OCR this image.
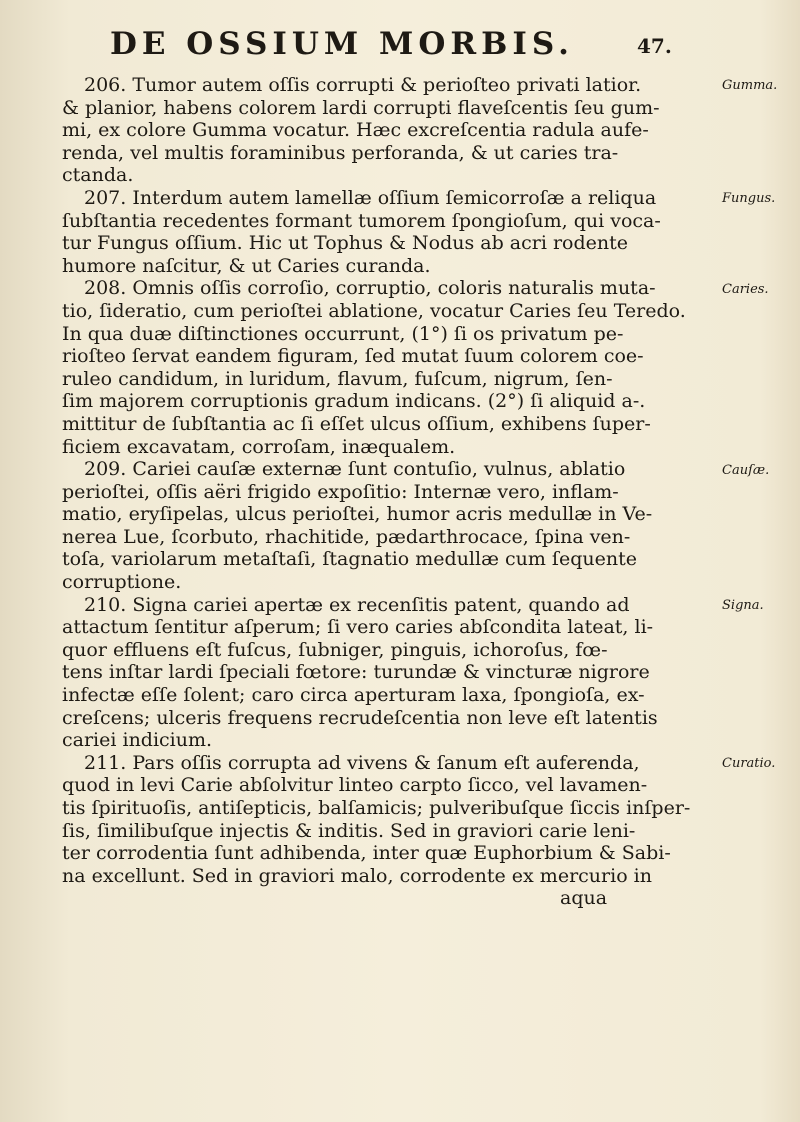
DE OSSIUM MORBIS.	47.
206. Tumor autem oſſis corrupti & perioſteo privati latior.
& planior, habens colorem lardi corrupti flaveſcentis ſeu gum-
mi, ex colore Gumma vocatur. Hæc excreſcentia radula aufe-
renda, vel multis foraminibus perforanda, & ut caries tra-
ctanda.
207. Interdum autem lamellæ oſſium ſemicorroſæ a reliqua
ſubſtantia recedentes formant tumorem ſpongioſum, qui voca-
tur Fungus oſſium. Hic ut Tophus & Nodus ab acri rodente
humore naſcitur, & ut Caries curanda.
208. Omnis oſſis corroſio, corruptio, coloris naturalis muta-
tio, ſideratio, cum perioſtei ablatione, vocatur Caries ſeu Teredo.
In qua duæ diſtinctiones occurrunt, (1°) ſi os privatum pe-
rioſteo ſervat eandem figuram, ſed mutat ſuum colorem coe-
ruleo candidum, in luridum, flavum, fuſcum, nigrum, ſen-
ſim majorem corruptionis gradum indicans. (2°) ſi aliquid a-.
mittitur de ſubſtantia ac ſi eſſet ulcus oſſium, exhibens ſuper-
ficiem excavatam, corroſam, inæqualem.
209. Cariei cauſæ externæ ſunt contuſio, vulnus, ablatio
perioſtei, oſſis aëri frigido expoſitio: Internæ vero, inflam-
matio, eryſipelas, ulcus perioſtei, humor acris medullæ in Ve-
nerea Lue, ſcorbuto, rhachitide, pædarthrocace, ſpina ven-
toſa, variolarum metaſtaſi, ſtagnatio medullæ cum ſequente
corruptione.
210. Signa cariei apertæ ex recenſitis patent, quando ad
attactum ſentitur aſperum; ſi vero caries abſcondita lateat, li-
quor effluens eſt fuſcus, ſubniger, pinguis, ichoroſus, fœ-
tens inſtar lardi ſpeciali fœtore: turundæ & vincturæ nigrore
infectæ eſſe ſolent; caro circa aperturam laxa, ſpongioſa, ex-
creſcens; ulceris frequens recrudeſcentia non leve eſt latentis
cariei indicium.
211. Pars oſſis corrupta ad vivens & ſanum eſt auferenda,
quod in levi Carie abſolvitur linteo carpto ſicco, vel lavamen-
tis ſpirituoſis, antiſepticis, balſamicis; pulveribuſque ſiccis inſper-
ſis, ſimilibuſque injectis & inditis. Sed in graviori carie leni-
ter corrodentia ſunt adhibenda, inter quæ Euphorbium & Sabi-
na excellunt. Sed in graviori malo, corrodente ex mercurio in
aqua
Gumma.
Fungus.
Caries.
Cauſæ.
Signa.
Curatio.
